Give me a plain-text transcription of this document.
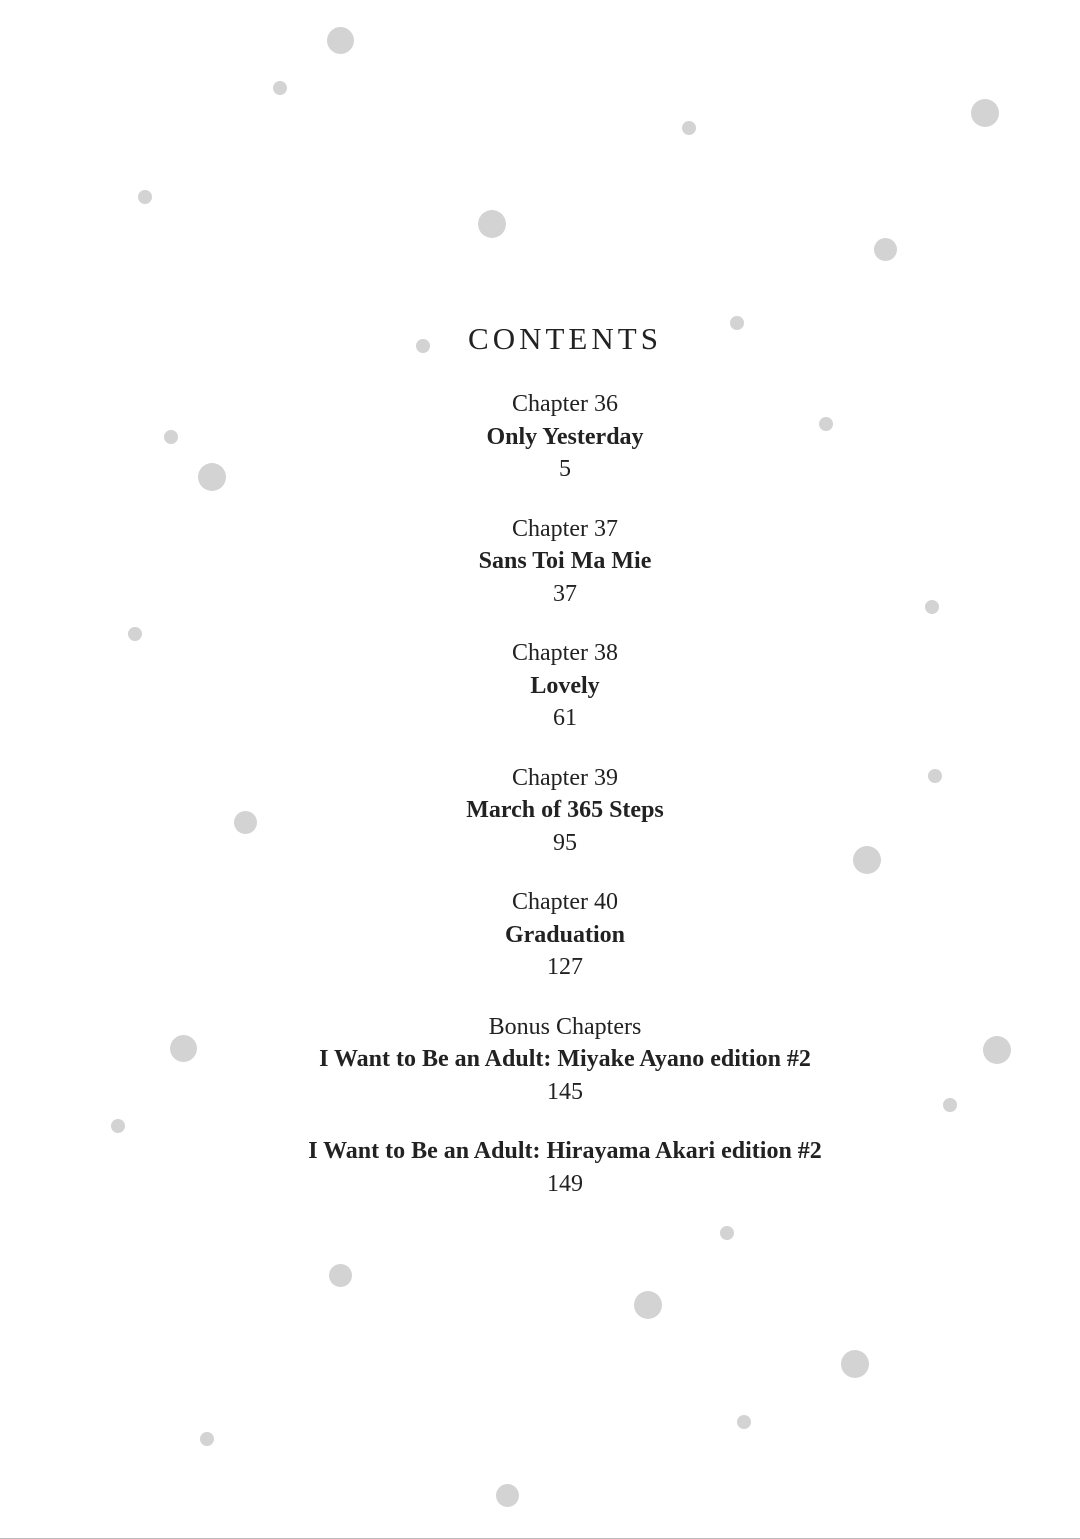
CONTENTS
Chapter 36
Only Yesterday
5
Chapter 37
Sans Toi Ma Mie
37
Chapter 38
Lovely
61
Chapter 39
March of 365 Steps
95
Chapter 40
Graduation
127
Bonus Chapters
I Want to Be an Adult: Miyake Ayano edition #2
145
I Want to Be an Adult: Hirayama Akari edition #2
149
